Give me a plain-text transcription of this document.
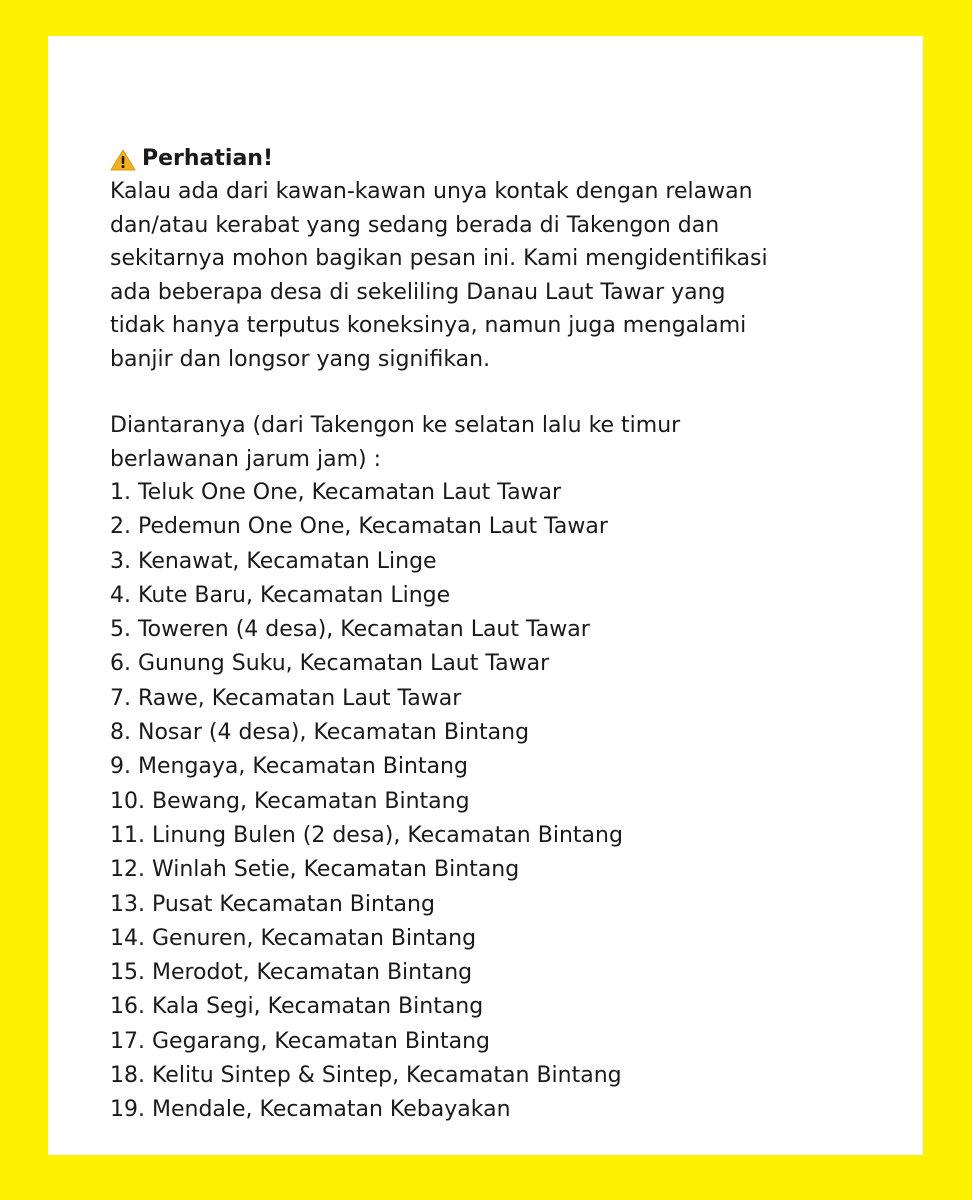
Perhatian!

Kalau ada dari kawan-kawan unya kontak dengan relawan
dan/atau kerabat yang sedang berada di Takengon dan
sekitarnya mohon bagikan pesan ini. Kami mengidentifikasi
ada beberapa desa di sekeliling Danau Laut Tawar yang
tidak hanya terputus koneksinya, namun juga mengalami
banjir dan longsor yang signifikan.

Diantaranya (dari Takengon ke selatan lalu ke timur
berlawanan jarum jam) :

1. Teluk One One, Kecamatan Laut Tawar
2. Pedemun One One, Kecamatan Laut Tawar
3. Kenawat, Kecamatan Linge
4. Kute Baru, Kecamatan Linge
5. Toweren (4 desa), Kecamatan Laut Tawar
6. Gunung Suku, Kecamatan Laut Tawar
7. Rawe, Kecamatan Laut Tawar
8. Nosar (4 desa), Kecamatan Bintang
9. Mengaya, Kecamatan Bintang
10. Bewang, Kecamatan Bintang
11. Linung Bulen (2 desa), Kecamatan Bintang
12. Winlah Setie, Kecamatan Bintang
13. Pusat Kecamatan Bintang
14. Genuren, Kecamatan Bintang
15. Merodot, Kecamatan Bintang
16. Kala Segi, Kecamatan Bintang
17. Gegarang, Kecamatan Bintang
18. Kelitu Sintep & Sintep, Kecamatan Bintang
19. Mendale, Kecamatan Kebayakan
